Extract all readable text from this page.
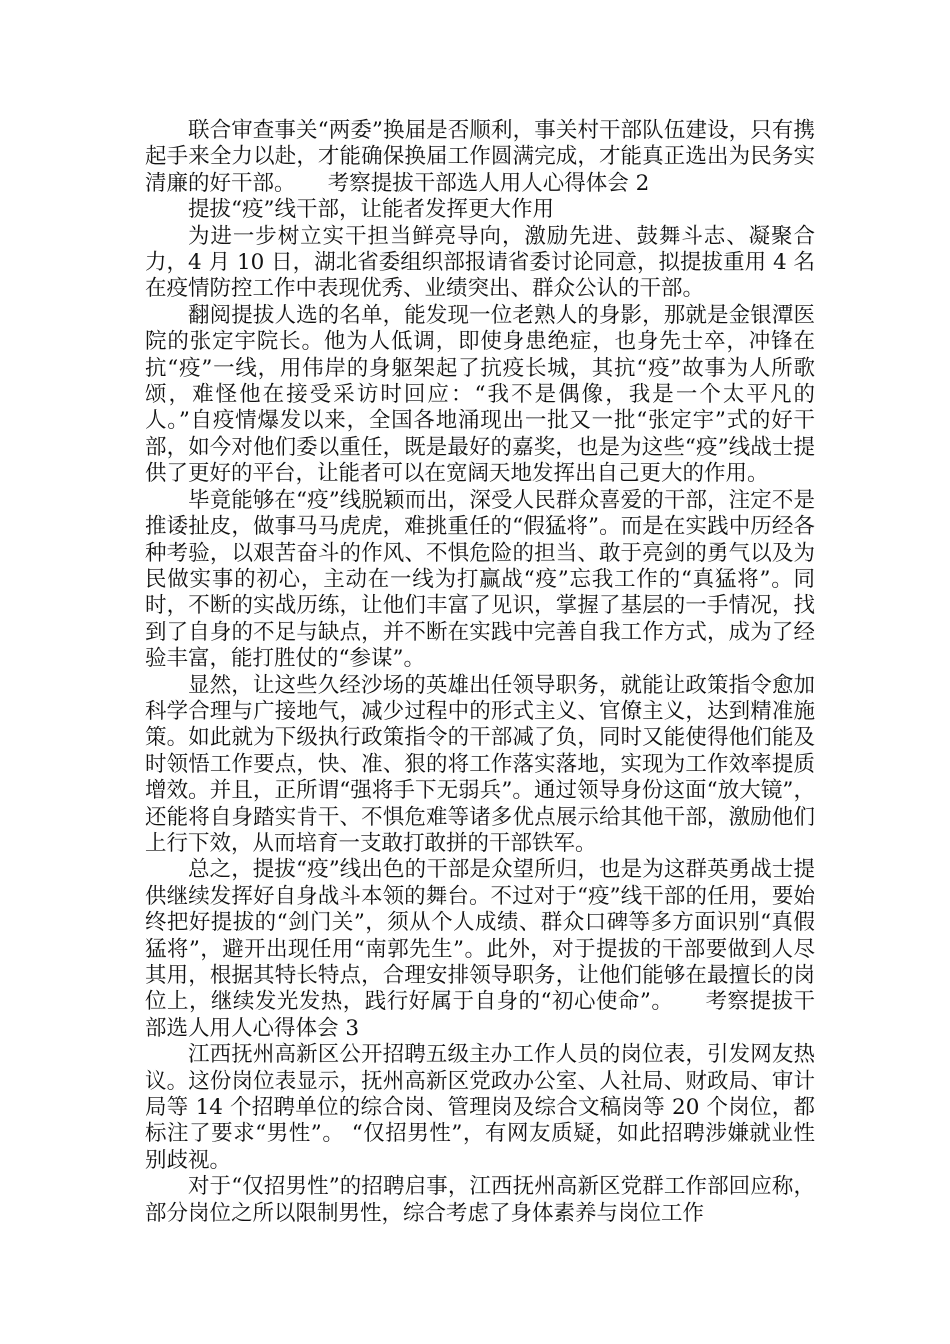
联合审查事关“两委”换届是否顺利，事关村干部队伍建设，只有携起手来全力以赴，才能确保换届工作圆满完成，才能真正选出为民务实清廉的好干部。 考察提拔干部选人用人心得体会 2

提拔“疫”线干部，让能者发挥更大作用

为进一步树立实干担当鲜亮导向，激励先进、鼓舞斗志、凝聚合力，4 月 10 日，湖北省委组织部报请省委讨论同意，拟提拔重用 4 名在疫情防控工作中表现优秀、业绩突出、群众公认的干部。

翻阅提拔人选的名单，能发现一位老熟人的身影，那就是金银潭医院的张定宇院长。他为人低调，即使身患绝症，也身先士卒，冲锋在抗“疫”一线，用伟岸的身躯架起了抗疫长城，其抗“疫”故事为人所歌颂，难怪他在接受采访时回应：“我不是偶像，我是一个太平凡的人。”自疫情爆发以来，全国各地涌现出一批又一批“张定宇”式的好干部，如今对他们委以重任，既是最好的嘉奖，也是为这些“疫”线战士提供了更好的平台，让能者可以在宽阔天地发挥出自己更大的作用。

毕竟能够在“疫”线脱颖而出，深受人民群众喜爱的干部，注定不是推诿扯皮，做事马马虎虎，难挑重任的“假猛将”。而是在实践中历经各种考验，以艰苦奋斗的作风、不惧危险的担当、敢于亮剑的勇气以及为民做实事的初心，主动在一线为打赢战“疫”忘我工作的“真猛将”。同时，不断的实战历练，让他们丰富了见识，掌握了基层的一手情况，找到了自身的不足与缺点，并不断在实践中完善自我工作方式，成为了经验丰富，能打胜仗的“参谋”。

显然，让这些久经沙场的英雄出任领导职务，就能让政策指令愈加科学合理与广接地气，减少过程中的形式主义、官僚主义，达到精准施策。如此就为下级执行政策指令的干部减了负，同时又能使得他们能及时领悟工作要点，快、准、狠的将工作落实落地，实现为工作效率提质增效。并且，正所谓“强将手下无弱兵”。通过领导身份这面“放大镜”，还能将自身踏实肯干、不惧危难等诸多优点展示给其他干部，激励他们上行下效，从而培育一支敢打敢拼的干部铁军。

总之，提拔“疫”线出色的干部是众望所归，也是为这群英勇战士提供继续发挥好自身战斗本领的舞台。不过对于“疫”线干部的任用，要始终把好提拔的“剑门关”，须从个人成绩、群众口碑等多方面识别“真假猛将”，避开出现任用“南郭先生”。此外，对于提拔的干部要做到人尽其用，根据其特长特点，合理安排领导职务，让他们能够在最擅长的岗位上，继续发光发热，践行好属于自身的“初心使命”。 考察提拔干部选人用人心得体会 3

江西抚州高新区公开招聘五级主办工作人员的岗位表，引发网友热议。这份岗位表显示，抚州高新区党政办公室、人社局、财政局、审计局等 14 个招聘单位的综合岗、管理岗及综合文稿岗等 20 个岗位，都标注了要求“男性”。 “仅招男性”，有网友质疑，如此招聘涉嫌就业性别歧视。

对于“仅招男性”的招聘启事，江西抚州高新区党群工作部回应称，部分岗位之所以限制男性，综合考虑了身体素养与岗位工作
